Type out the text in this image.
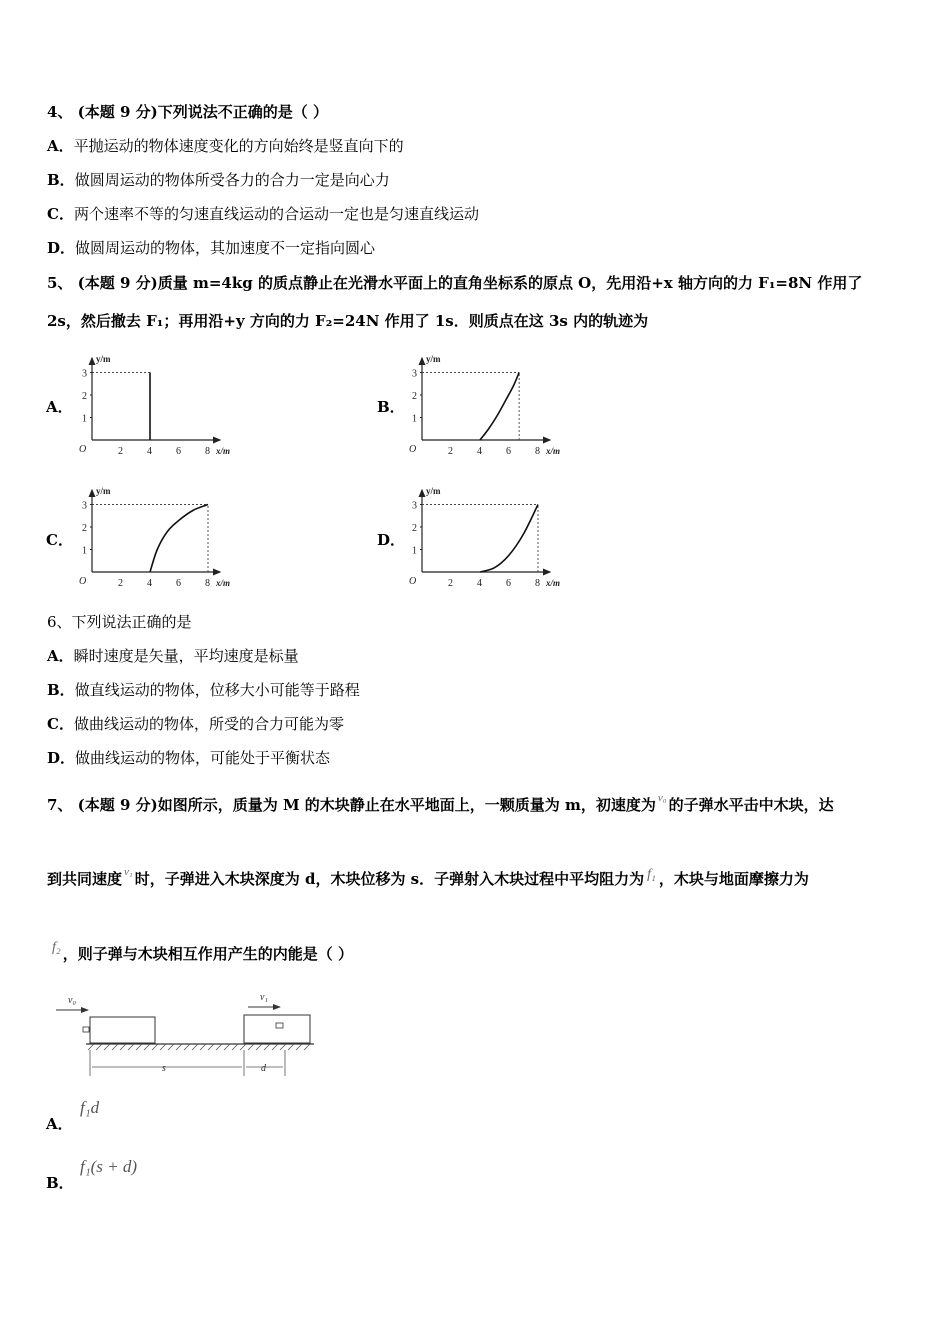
4、 (本题 9 分)下列说法不正确的是（ ）
A．平抛运动的物体速度变化的方向始终是竖直向下的
B．做圆周运动的物体所受各力的合力一定是向心力
C．两个速率不等的匀速直线运动的合运动一定也是匀速直线运动
D．做圆周运动的物体，其加速度不一定指向圆心
5、 (本题 9 分)质量 m=4kg 的质点静止在光滑水平面上的直角坐标系的原点 O，先用沿+x 轴方向的力 F₁=8N 作用了
2s，然后撤去 F₁；再用沿+y 方向的力 F₂=24N 作用了 1s．则质点在这 3s 内的轨迹为
A．	B．
C．	D．
y/m
x/m
O	2 4 6 8
1
2
3
y/m
x/m
O	2 4 6 8
1
2
3
y/m
x/m
O	2 4 6 8
1
2
3
y/m
x/m
O	2 4 6 8
1
2
3
6、下列说法正确的是
A．瞬时速度是矢量，平均速度是标量
B．做直线运动的物体，位移大小可能等于路程
C．做曲线运动的物体，所受的合力可能为零
D．做曲线运动的物体，可能处于平衡状态
7、 (本题 9 分)如图所示，质量为 M 的木块静止在水平地面上，一颗质量为 m，初速度为 $^{v_0}$ 的子弹水平击中木块，达
到共同速度 $^{v_1}$ 时，子弹进入木块深度为 d，木块位移为 s．子弹射入木块过程中平均阻力为 f₁ ，木块与地面摩擦力为
f₂ ，则子弹与木块相互作用产生的内能是（ ）
v₀	v₁
s	d
A．
f₁d
B．
f₁(s + d)
